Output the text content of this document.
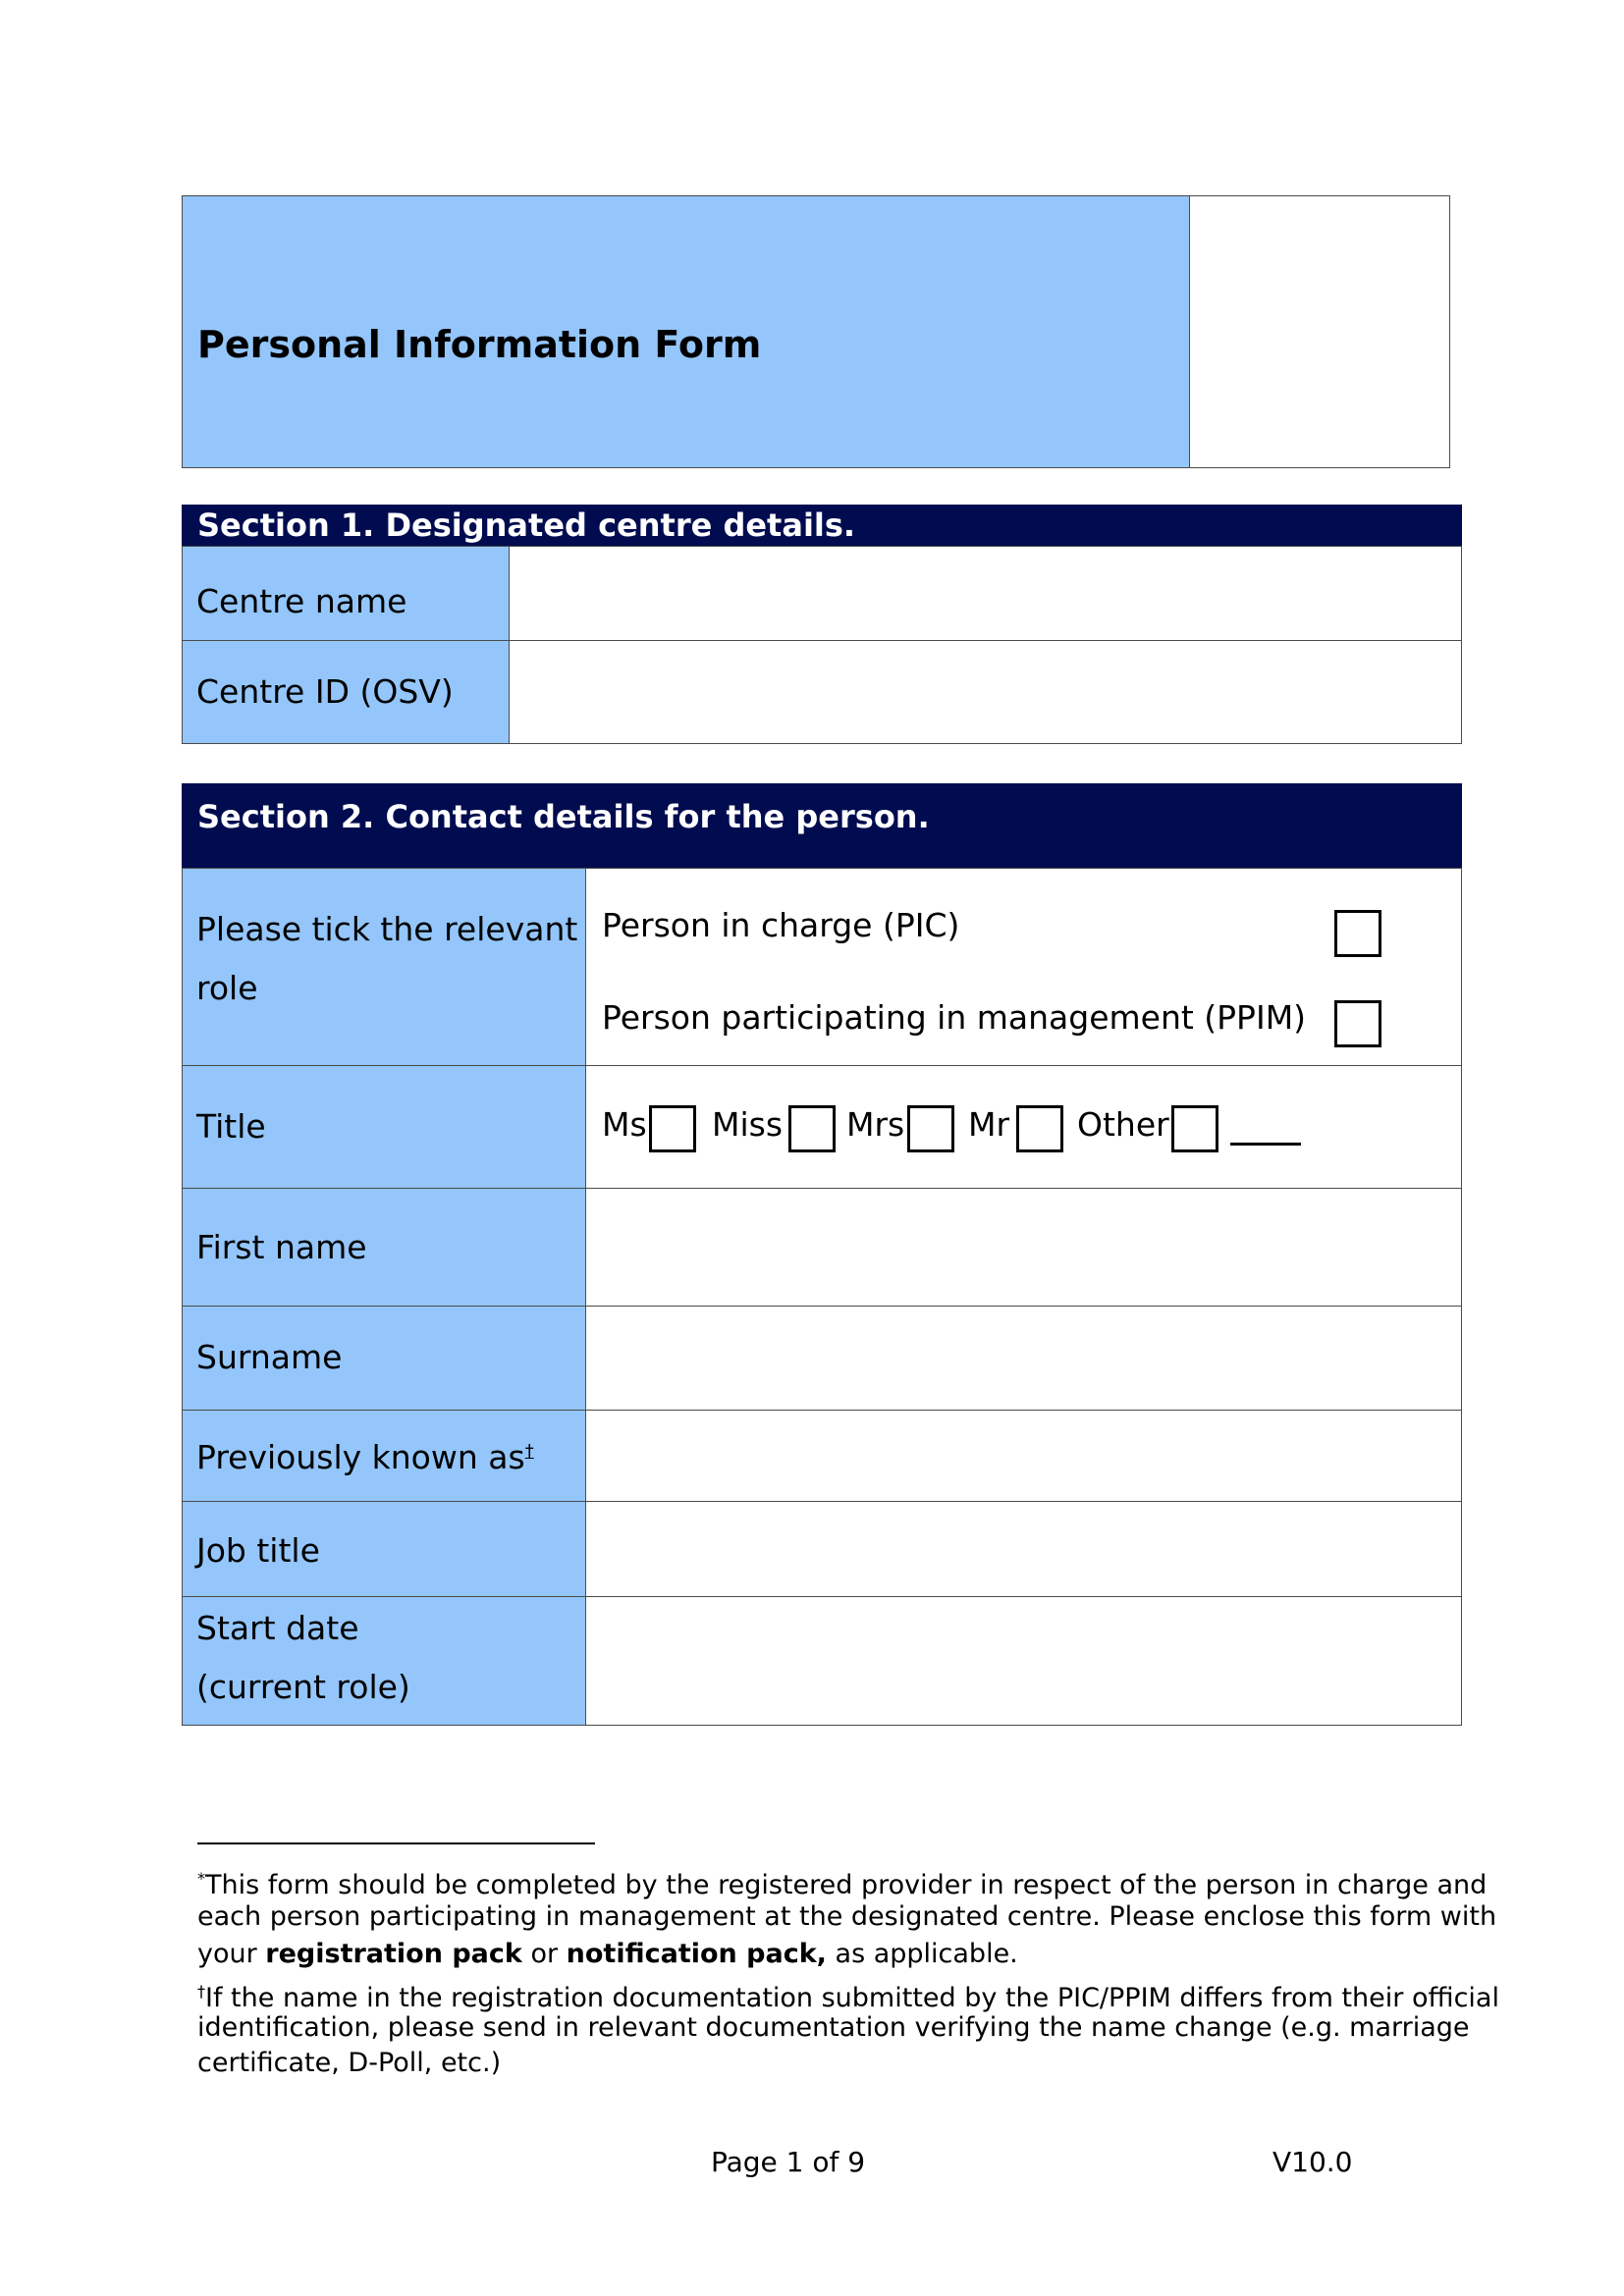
Personal Information Form
Section 1. Designated centre details.
Centre name
Centre ID (OSV)
Section 2. Contact details for the person.
Please tick the relevant
role
Person in charge (PIC)
Person participating in management (PPIM)
Title	Ms Miss Mrs Mr Other
First name
Surname
Previously known as†
Job title
Start date
(current role)
*This form should be completed by the registered provider in respect of the person in charge and
each person participating in management at the designated centre. Please enclose this form with
your registration pack or notification pack, as applicable.
†If the name in the registration documentation submitted by the PIC/PPIM differs from their official
identification, please send in relevant documentation verifying the name change (e.g. marriage
certificate, D-Poll, etc.)
Page 1 of 9	V10.0
